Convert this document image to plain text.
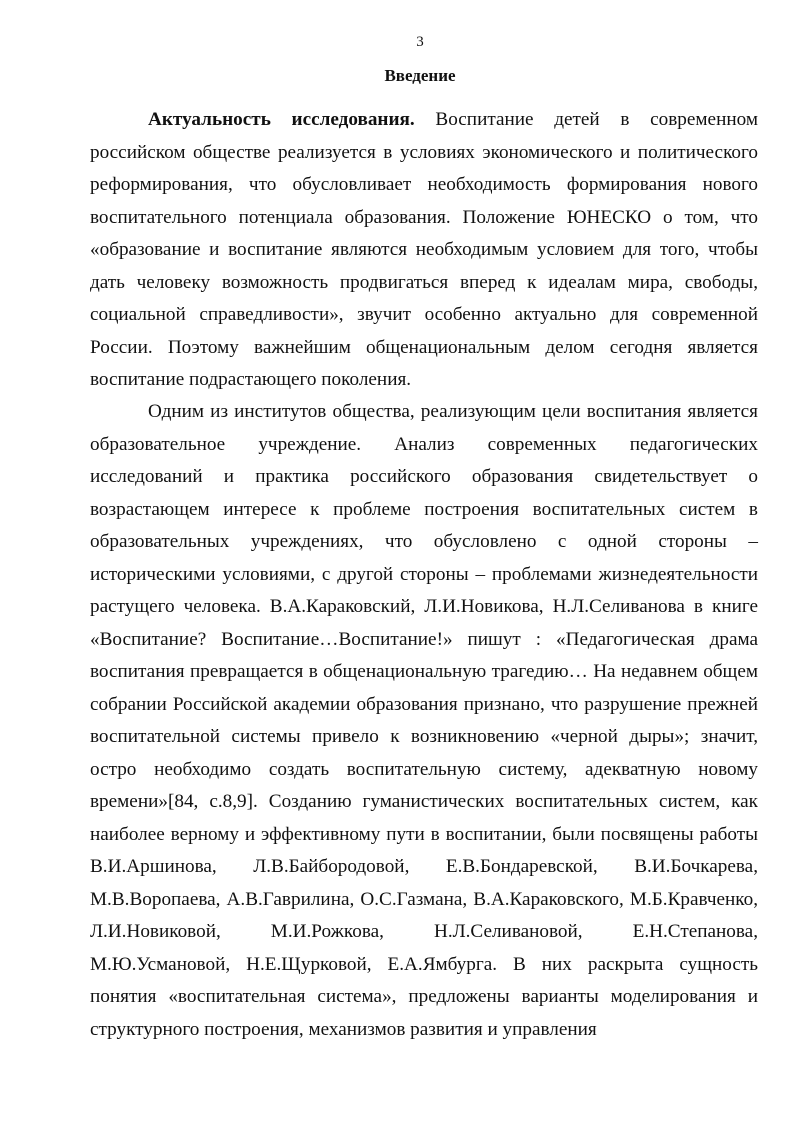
3
Введение

Актуальность исследования. Воспитание детей в современном российском обществе реализуется в условиях экономического и политического реформирования, что обусловливает необходимость формирования нового воспитательного потенциала образования. Положение ЮНЕСКО о том, что «образование и воспитание являются необходимым условием для того, чтобы дать человеку возможность продвигаться вперед к идеалам мира, свободы, социальной справедливости», звучит особенно актуально для современной России. Поэтому важнейшим общенациональным делом сегодня является воспитание подрастающего поколения.

Одним из институтов общества, реализующим цели воспитания является образовательное учреждение. Анализ современных педагогических исследований и практика российского образования свидетельствует о возрастающем интересе к проблеме построения воспитательных систем в образовательных учреждениях, что обусловлено с одной стороны – историческими условиями, с другой стороны – проблемами жизнедеятельности растущего человека. В.А.Караковский, Л.И.Новикова, Н.Л.Селиванова в книге «Воспитание? Воспитание…Воспитание!» пишут : «Педагогическая драма воспитания превращается в общенациональную трагедию… На недавнем общем собрании Российской академии образования признано, что разрушение прежней воспитательной системы привело к возникновению «черной дыры»; значит, остро необходимо создать воспитательную систему, адекватную новому времени»[84, с.8,9]. Созданию гуманистических воспитательных систем, как наиболее верному и эффективному пути в воспитании, были посвящены работы В.И.Аршинова, Л.В.Байбородовой, Е.В.Бондаревской, В.И.Бочкарева, М.В.Воропаева, А.В.Гаврилина, О.С.Газмана, В.А.Караковского, М.Б.Кравченко, Л.И.Новиковой, М.И.Рожкова, Н.Л.Селивановой, Е.Н.Степанова, М.Ю.Усмановой, Н.Е.Щурковой, Е.А.Ямбурга. В них раскрыта сущность понятия «воспитательная система», предложены варианты моделирования и структурного построения, механизмов развития и управления
